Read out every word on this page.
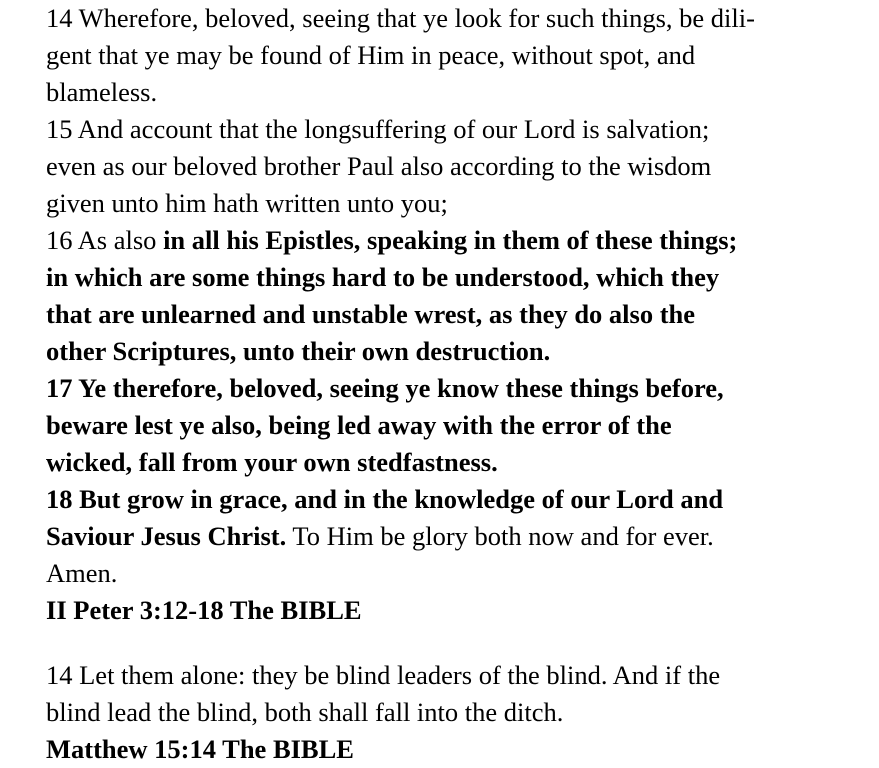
14 Wherefore, beloved, seeing that ye look for such things, be dili-
gent that ye may be found of Him in peace, without spot, and
blameless.
15 And account that the longsuffering of our Lord is salvation;
even as our beloved brother Paul also according to the wisdom
given unto him hath written unto you;
16 As also in all his Epistles, speaking in them of these things;
in which are some things hard to be understood, which they
that are unlearned and unstable wrest, as they do also the
other Scriptures, unto their own destruction.
17 Ye therefore, beloved, seeing ye know these things before,
beware lest ye also, being led away with the error of the
wicked, fall from your own stedfastness.
18 But grow in grace, and in the knowledge of our Lord and
Saviour Jesus Christ. To Him be glory both now and for ever.
Amen.
II Peter 3:12-18 The BIBLE
14 Let them alone: they be blind leaders of the blind. And if the
blind lead the blind, both shall fall into the ditch.
Matthew 15:14 The BIBLE
